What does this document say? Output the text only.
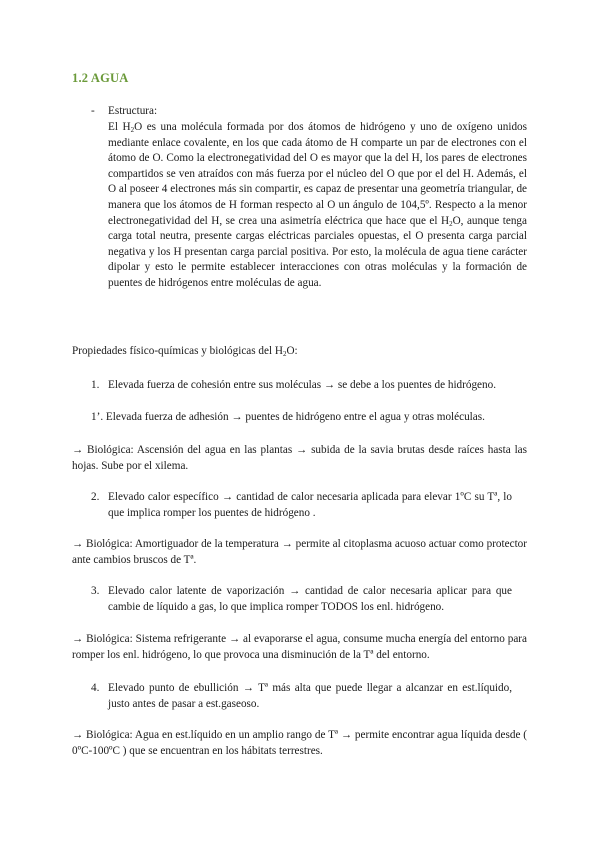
1.2 AGUA
- Estructura:
El $H_2O$ es una molécula formada por dos átomos de hidrógeno y uno de oxígeno unidos mediante enlace covalente, en los que cada átomo de H comparte un par de electrones con el átomo de O. Como la electronegatividad del O es mayor que la del H, los pares de electrones compartidos se ven atraídos con más fuerza por el núcleo del O que por el del H. Además, el O al poseer 4 electrones más sin compartir, es capaz de presentar una geometría triangular, de manera que los átomos de H forman respecto al O un ángulo de 104,5º. Respecto a la menor electronegatividad del H, se crea una asimetría eléctrica que hace que el $H_2O$, aunque tenga carga total neutra, presente cargas eléctricas parciales opuestas, el O presenta carga parcial negativa y los H presentan carga parcial positiva. Por esto, la molécula de agua tiene carácter dipolar y esto le permite establecer interacciones con otras moléculas y la formación de puentes de hidrógenos entre moléculas de agua.
Propiedades físico-químicas y biológicas del $H_2O$:
1. Elevada fuerza de cohesión entre sus moléculas → se debe a los puentes de hidrógeno.
1’. Elevada fuerza de adhesión → puentes de hidrógeno entre el agua y otras moléculas.
→ Biológica: Ascensión del agua en las plantas → subida de la savia brutas desde raíces hasta las hojas. Sube por el xilema.
2. Elevado calor específico → cantidad de calor necesaria aplicada para elevar 1ºC su Tª, lo que implica romper los puentes de hidrógeno .
→ Biológica: Amortiguador de la temperatura → permite al citoplasma acuoso actuar como protector ante cambios bruscos de Tª.
3. Elevado calor latente de vaporización → cantidad de calor necesaria aplicar para que cambie de líquido a gas, lo que implica romper TODOS los enl. hidrógeno.
→ Biológica: Sistema refrigerante → al evaporarse el agua, consume mucha energía del entorno para romper los enl. hidrógeno, lo que provoca una disminución de la Tª del entorno.
4. Elevado punto de ebullición → Tª más alta que puede llegar a alcanzar en est.líquido, justo antes de pasar a est.gaseoso.
→ Biológica: Agua en est.líquido en un amplio rango de Tª → permite encontrar agua líquida desde ( 0ºC-100ºC ) que se encuentran en los hábitats terrestres.
